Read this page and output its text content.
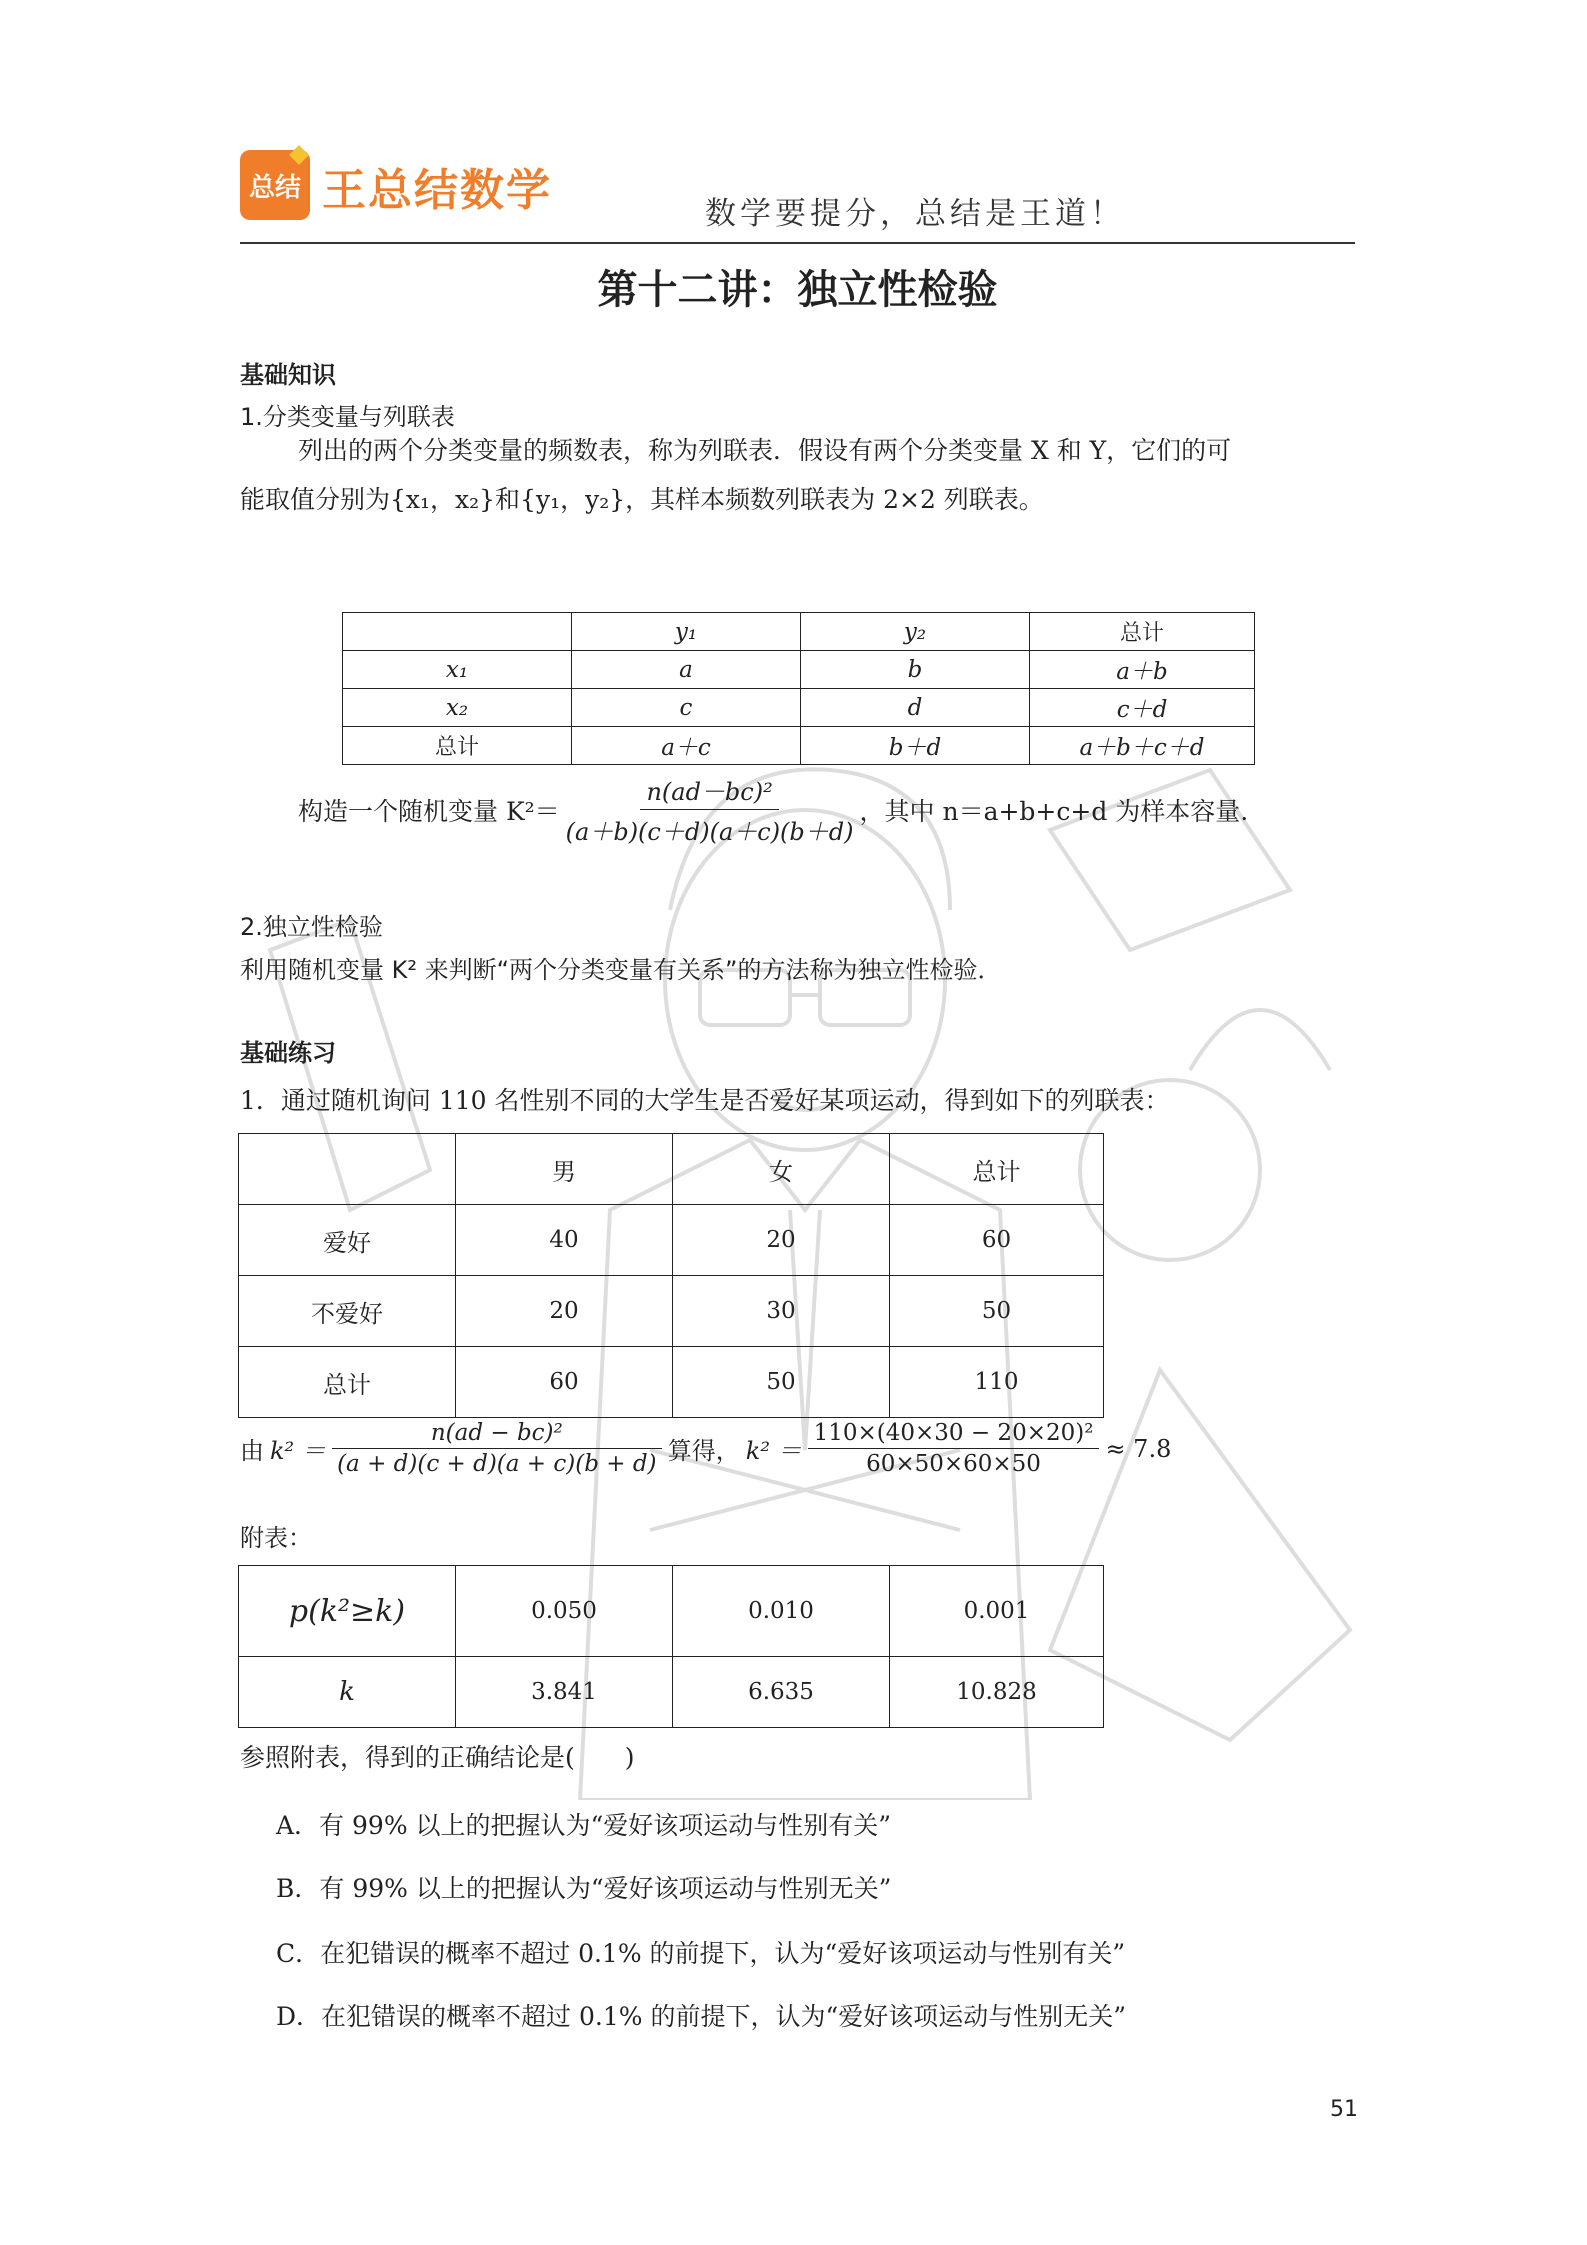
总结 王总结数学	数学要提分，总结是王道！
第十二讲：独立性检验
基础知识
1.分类变量与列联表
列出的两个分类变量的频数表，称为列联表．假设有两个分类变量 X 和 Y，它们的可
能取值分别为{x₁，x₂}和{y₁，y₂}，其样本频数列联表为 2×2 列联表。
	y₁	y₂	总计
x₁	a	b	a＋b
x₂	c	d	c＋d
总计	a＋c	b＋d	a＋b＋c＋d
构造一个随机变量 $K^2= \frac{\text{n(ad－bc)²}}{(a+b)(c+d)(a+c)(b+d)}$ ，其中 n＝a+b+c+d 为样本容量.
2.独立性检验
利用随机变量 K² 来判断“两个分类变量有关系”的方法称为独立性检验．
基础练习
1．通过随机询问 110 名性别不同的大学生是否爱好某项运动，得到如下的列联表：
	男	女	总计
爱好	40	20	60
不爱好	20	30	50
总计	60	50	110
由 $k^2 = \frac{\text{n(ad − bc)²}}{(a + d)(c + d)(a + c)(b + d)}$ 算得， $k^2 = \frac{\text{110×(40×30 − 20×20)²}}{60\times 50\times 60\times 50} \approx 7.8$
附表：
p(k²≥k)	0.050	0.010	0.001
k	3.841	6.635	10.828
参照附表，得到的正确结论是(　　)
A．有 99% 以上的把握认为“爱好该项运动与性别有关”
B．有 99% 以上的把握认为“爱好该项运动与性别无关”
C．在犯错误的概率不超过 0.1% 的前提下，认为“爱好该项运动与性别有关”
D．在犯错误的概率不超过 0.1% 的前提下，认为“爱好该项运动与性别无关”
51
